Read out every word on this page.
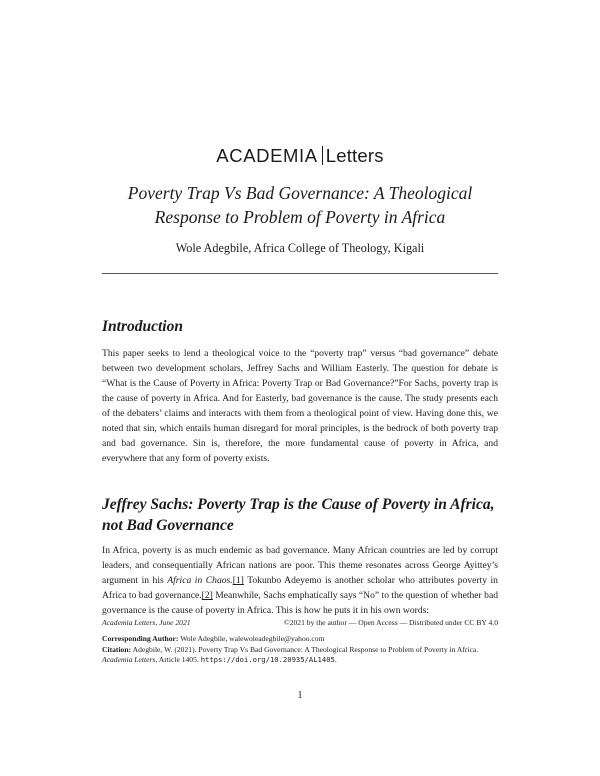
ACADEMIA Letters
Poverty Trap Vs Bad Governance: A Theological
Response to Problem of Poverty in Africa
Wole Adegbile, Africa College of Theology, Kigali
Introduction

This paper seeks to lend a theological voice to the “poverty trap” versus “bad governance” debate between two development scholars, Jeffrey Sachs and William Easterly. The question for debate is “What is the Cause of Poverty in Africa: Poverty Trap or Bad Governance?”For Sachs, poverty trap is the cause of poverty in Africa. And for Easterly, bad governance is the cause. The study presents each of the debaters’ claims and interacts with them from a theological point of view. Having done this, we noted that sin, which entails human disregard for moral principles, is the bedrock of both poverty trap and bad governance. Sin is, therefore, the more fundamental cause of poverty in Africa, and everywhere that any form of poverty exists.

Jeffrey Sachs: Poverty Trap is the Cause of Poverty in Africa, not Bad Governance

In Africa, poverty is as much endemic as bad governance. Many African countries are led by corrupt leaders, and consequentially African nations are poor. This theme resonates across George Ayittey’s argument in his Africa in Chaos.[1] Tokunbo Adeyemo is another scholar who attributes poverty in Africa to bad governance.[2] Meanwhile, Sachs emphatically says “No” to the question of whether bad governance is the cause of poverty in Africa. This is how he puts it in his own words:

Academia Letters, June 2021	©2021 by the author — Open Access — Distributed under CC BY 4.0
Corresponding Author: Wole Adegbile, walewoleadegbile@yahoo.com
Citation: Adegbile, W. (2021). Poverty Trap Vs Bad Governance: A Theological Response to Problem of Poverty in Africa. Academia Letters, Article 1405. https://doi.org/10.20935/AL1405.
1
